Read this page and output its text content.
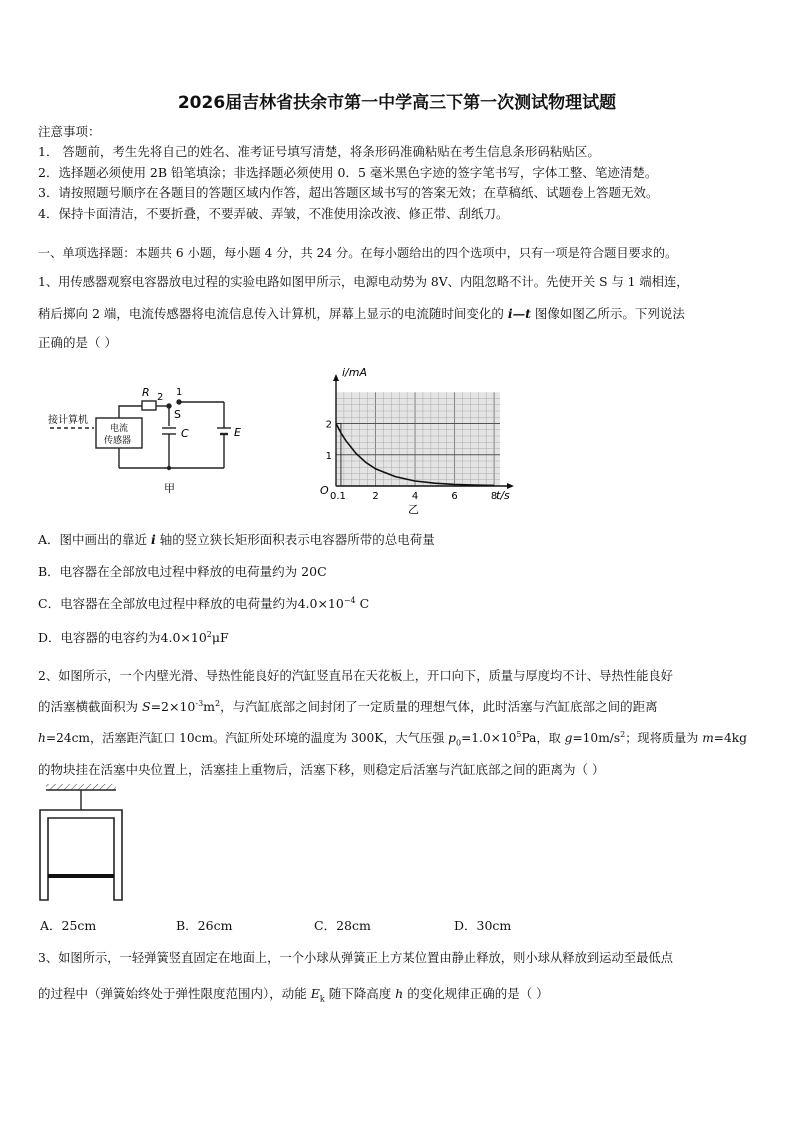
2026届吉林省扶余市第一中学高三下第一次测试物理试题
注意事项：
1． 答题前，考生先将自己的姓名、准考证号填写清楚，将条形码准确粘贴在考生信息条形码粘贴区。
2．选择题必须使用 2B 铅笔填涂；非选择题必须使用 0．5 毫米黑色字迹的签字笔书写，字体工整、笔迹清楚。
3．请按照题号顺序在各题目的答题区域内作答，超出答题区域书写的答案无效；在草稿纸、试题卷上答题无效。
4．保持卡面清洁，不要折叠，不要弄破、弄皱，不准使用涂改液、修正带、刮纸刀。
一、单项选择题：本题共 6 小题，每小题 4 分，共 24 分。在每小题给出的四个选项中，只有一项是符合题目要求的。
1、用传感器观察电容器放电过程的实验电路如图甲所示，电源电动势为 8V、内阻忽略不计。先使开关 S 与 1 端相连，
稍后掷向 2 端，电流传感器将电流信息传入计算机，屏幕上显示的电流随时间变化的 i—t 图像如图乙所示。下列说法
正确的是（ ）
接计算机
电流
传感器
R 2 1
S
C	E
甲
0.1	2	4	6	8
1
2
i/mA
t/s
O
乙
A．图中画出的靠近 i 轴的竖立狭长矩形面积表示电容器所带的总电荷量
B．电容器在全部放电过程中释放的电荷量约为 20C
C．电容器在全部放电过程中释放的电荷量约为$4.0\times 10^{-4}$ C
D．电容器的电容约为$4.0\times 10^2\mu F$
2、如图所示，一个内壁光滑、导热性能良好的汽缸竖直吊在天花板上，开口向下，质量与厚度均不计、导热性能良好
的活塞横截面积为 $S=2\times 10^{-3}m^2$，与汽缸底部之间封闭了一定质量的理想气体，此时活塞与汽缸底部之间的距离
h=24cm，活塞距汽缸口 10cm。汽缸所处环境的温度为 300K，大气压强 $p_0=1.0\times 10^5Pa$，取 $g=10m/s^2$；现将质量为 m=4kg
的物块挂在活塞中央位置上，活塞挂上重物后，活塞下移，则稳定后活塞与汽缸底部之间的距离为（ ）
A．25cm	B．26cm	C．28cm	D．30cm
3、如图所示，一轻弹簧竖直固定在地面上，一个小球从弹簧正上方某位置由静止释放，则小球从释放到运动至最低点
的过程中（弹簧始终处于弹性限度范围内），动能 $E_k$ 随下降高度 h 的变化规律正确的是（ ）
